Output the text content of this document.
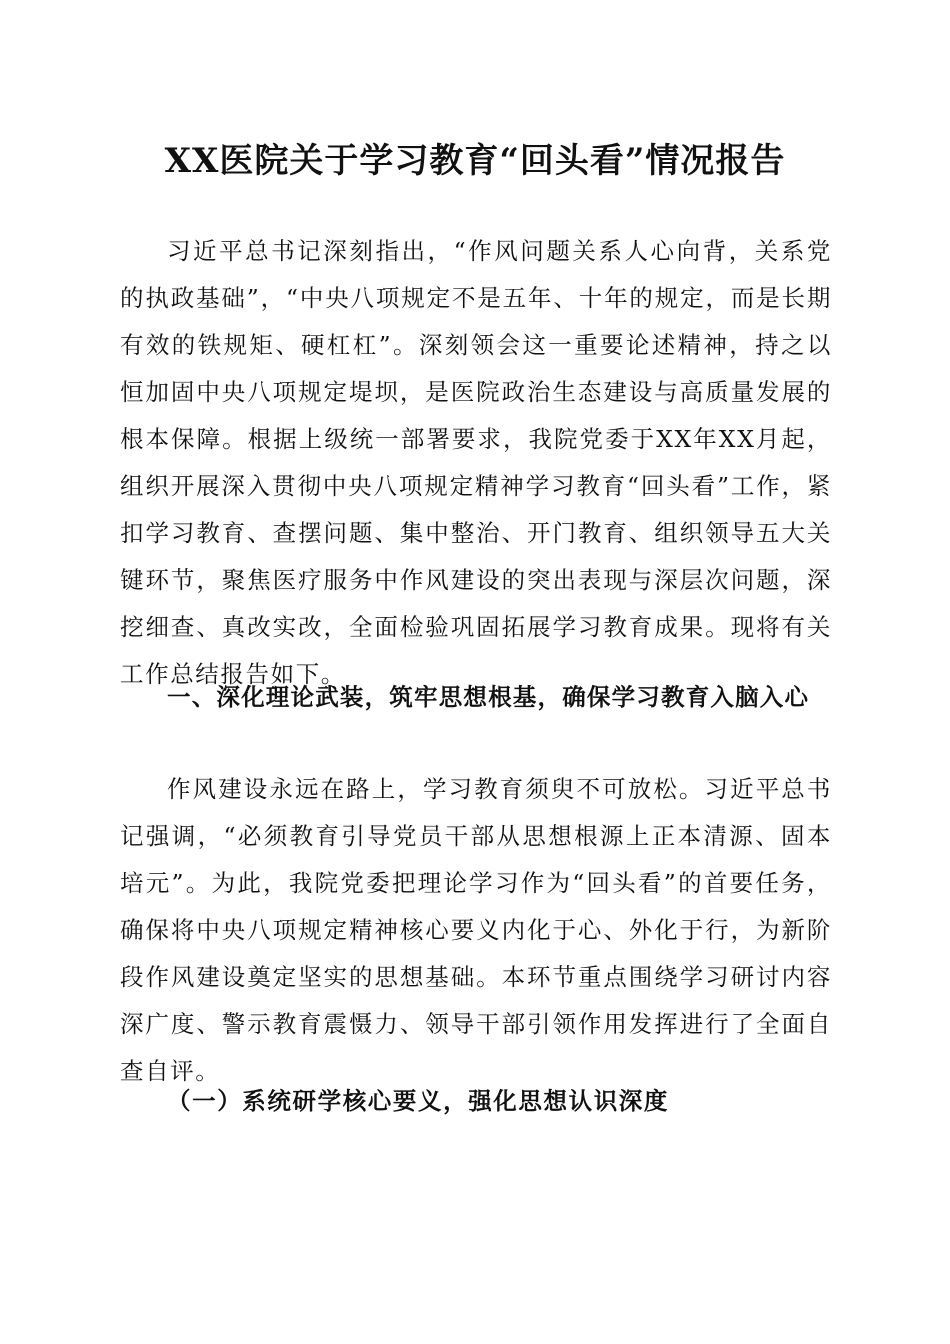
XX医院关于学习教育“回头看”情况报告

习近平总书记深刻指出，“作风问题关系人心向背，关系党的执政基础”，“中央八项规定不是五年、十年的规定，而是长期有效的铁规矩、硬杠杠”。深刻领会这一重要论述精神，持之以恒加固中央八项规定堤坝，是医院政治生态建设与高质量发展的根本保障。根据上级统一部署要求，我院党委于XX年XX月起，组织开展深入贯彻中央八项规定精神学习教育“回头看”工作，紧扣学习教育、查摆问题、集中整治、开门教育、组织领导五大关键环节，聚焦医疗服务中作风建设的突出表现与深层次问题，深挖细查、真改实改，全面检验巩固拓展学习教育成果。现将有关工作总结报告如下。

一、深化理论武装，筑牢思想根基，确保学习教育入脑入心

作风建设永远在路上，学习教育须臾不可放松。习近平总书记强调，“必须教育引导党员干部从思想根源上正本清源、固本培元”。为此，我院党委把理论学习作为“回头看”的首要任务，确保将中央八项规定精神核心要义内化于心、外化于行，为新阶段作风建设奠定坚实的思想基础。本环节重点围绕学习研讨内容深广度、警示教育震慑力、领导干部引领作用发挥进行了全面自查自评。

（一）系统研学核心要义，强化思想认识深度
